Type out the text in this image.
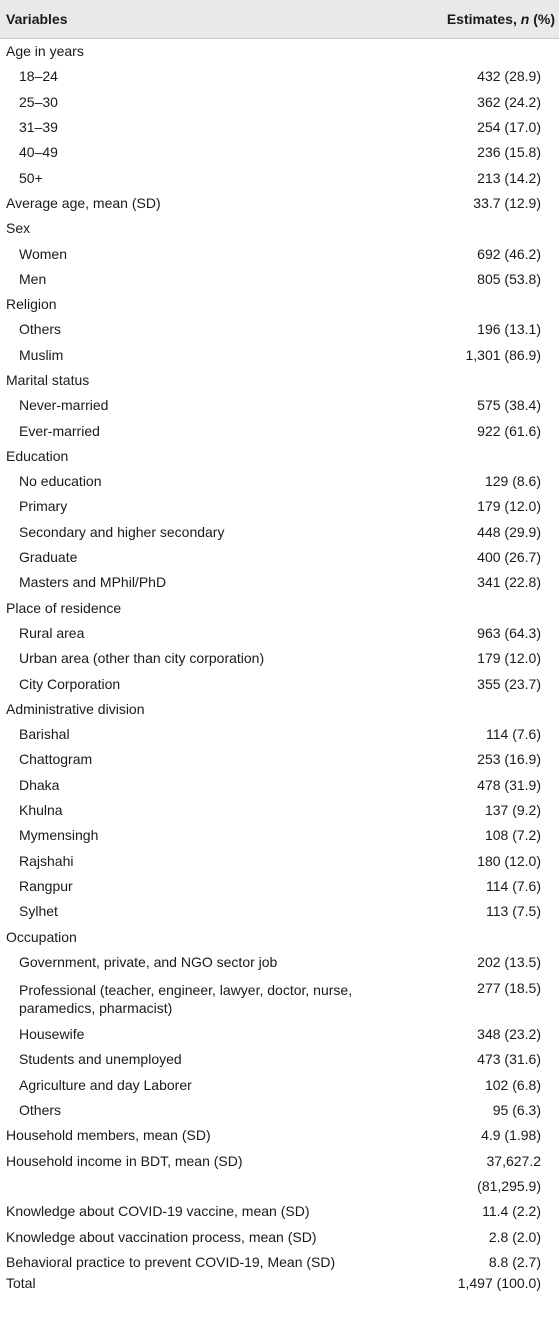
Variables	Estimates, n (%)
Age in years	
18–24	432 (28.9)
25–30	362 (24.2)
31–39	254 (17.0)
40–49	236 (15.8)
50+	213 (14.2)
Average age, mean (SD)	33.7 (12.9)
Sex	
Women	692 (46.2)
Men	805 (53.8)
Religion	
Others	196 (13.1)
Muslim	1,301 (86.9)
Marital status	
Never-married	575 (38.4)
Ever-married	922 (61.6)
Education	
No education	129 (8.6)
Primary	179 (12.0)
Secondary and higher secondary	448 (29.9)
Graduate	400 (26.7)
Masters and MPhil/PhD	341 (22.8)
Place of residence	
Rural area	963 (64.3)
Urban area (other than city corporation)	179 (12.0)
City Corporation	355 (23.7)
Administrative division	
Barishal	114 (7.6)
Chattogram	253 (16.9)
Dhaka	478 (31.9)
Khulna	137 (9.2)
Mymensingh	108 (7.2)
Rajshahi	180 (12.0)
Rangpur	114 (7.6)
Sylhet	113 (7.5)
Occupation	
Government, private, and NGO sector job	202 (13.5)
Professional (teacher, engineer, lawyer, doctor, nurse, paramedics, pharmacist)	277 (18.5)
Housewife	348 (23.2)
Students and unemployed	473 (31.6)
Agriculture and day Laborer	102 (6.8)
Others	95 (6.3)
Household members, mean (SD)	4.9 (1.98)
Household income in BDT, mean (SD)	37,627.2
	(81,295.9)
Knowledge about COVID-19 vaccine, mean (SD)	11.4 (2.2)
Knowledge about vaccination process, mean (SD)	2.8 (2.0)
Behavioral practice to prevent COVID-19, Mean (SD)	8.8 (2.7)
Total	1,497 (100.0)
